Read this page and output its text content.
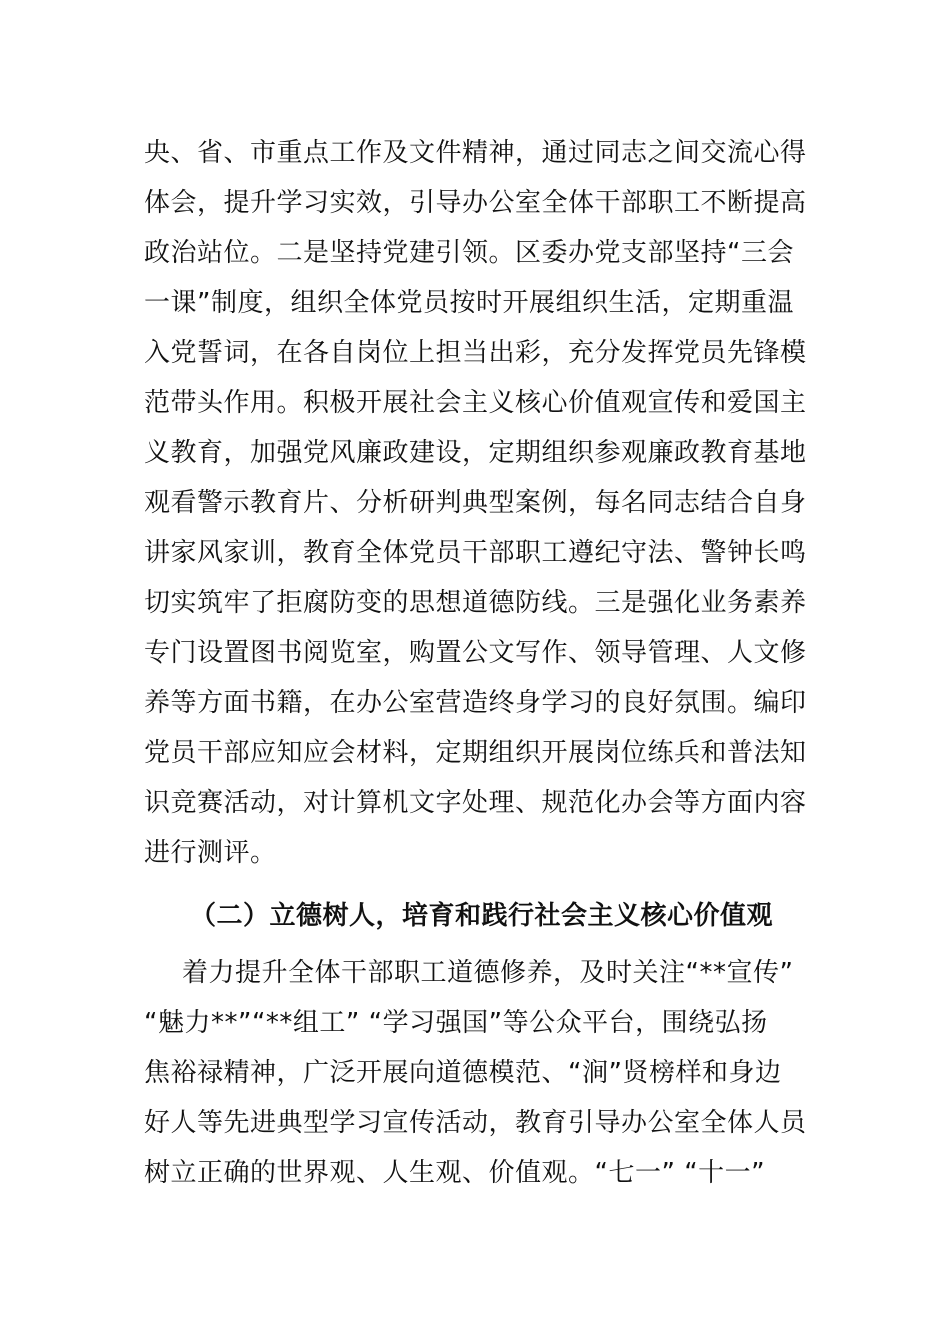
央、省、市重点工作及文件精神，通过同志之间交流心得
体会，提升学习实效，引导办公室全体干部职工不断提高
政治站位。二是坚持党建引领。区委办党支部坚持“三会
一课”制度，组织全体党员按时开展组织生活，定期重温
入党誓词，在各自岗位上担当出彩，充分发挥党员先锋模
范带头作用。积极开展社会主义核心价值观宣传和爱国主
义教育，加强党风廉政建设，定期组织参观廉政教育基地
观看警示教育片、分析研判典型案例，每名同志结合自身
讲家风家训，教育全体党员干部职工遵纪守法、警钟长鸣
切实筑牢了拒腐防变的思想道德防线。三是强化业务素养
专门设置图书阅览室，购置公文写作、领导管理、人文修
养等方面书籍，在办公室营造终身学习的良好氛围。编印
党员干部应知应会材料，定期组织开展岗位练兵和普法知
识竞赛活动，对计算机文字处理、规范化办会等方面内容
进行测评。
（二）立德树人，培育和践行社会主义核心价值观
着力提升全体干部职工道德修养，及时关注“**宣传”
“魅力**”“**组工” “学习强国”等公众平台，围绕弘扬
焦裕禄精神，广泛开展向道德模范、“涧”贤榜样和身边
好人等先进典型学习宣传活动，教育引导办公室全体人员
树立正确的世界观、人生观、价值观。“七一” “十一”
